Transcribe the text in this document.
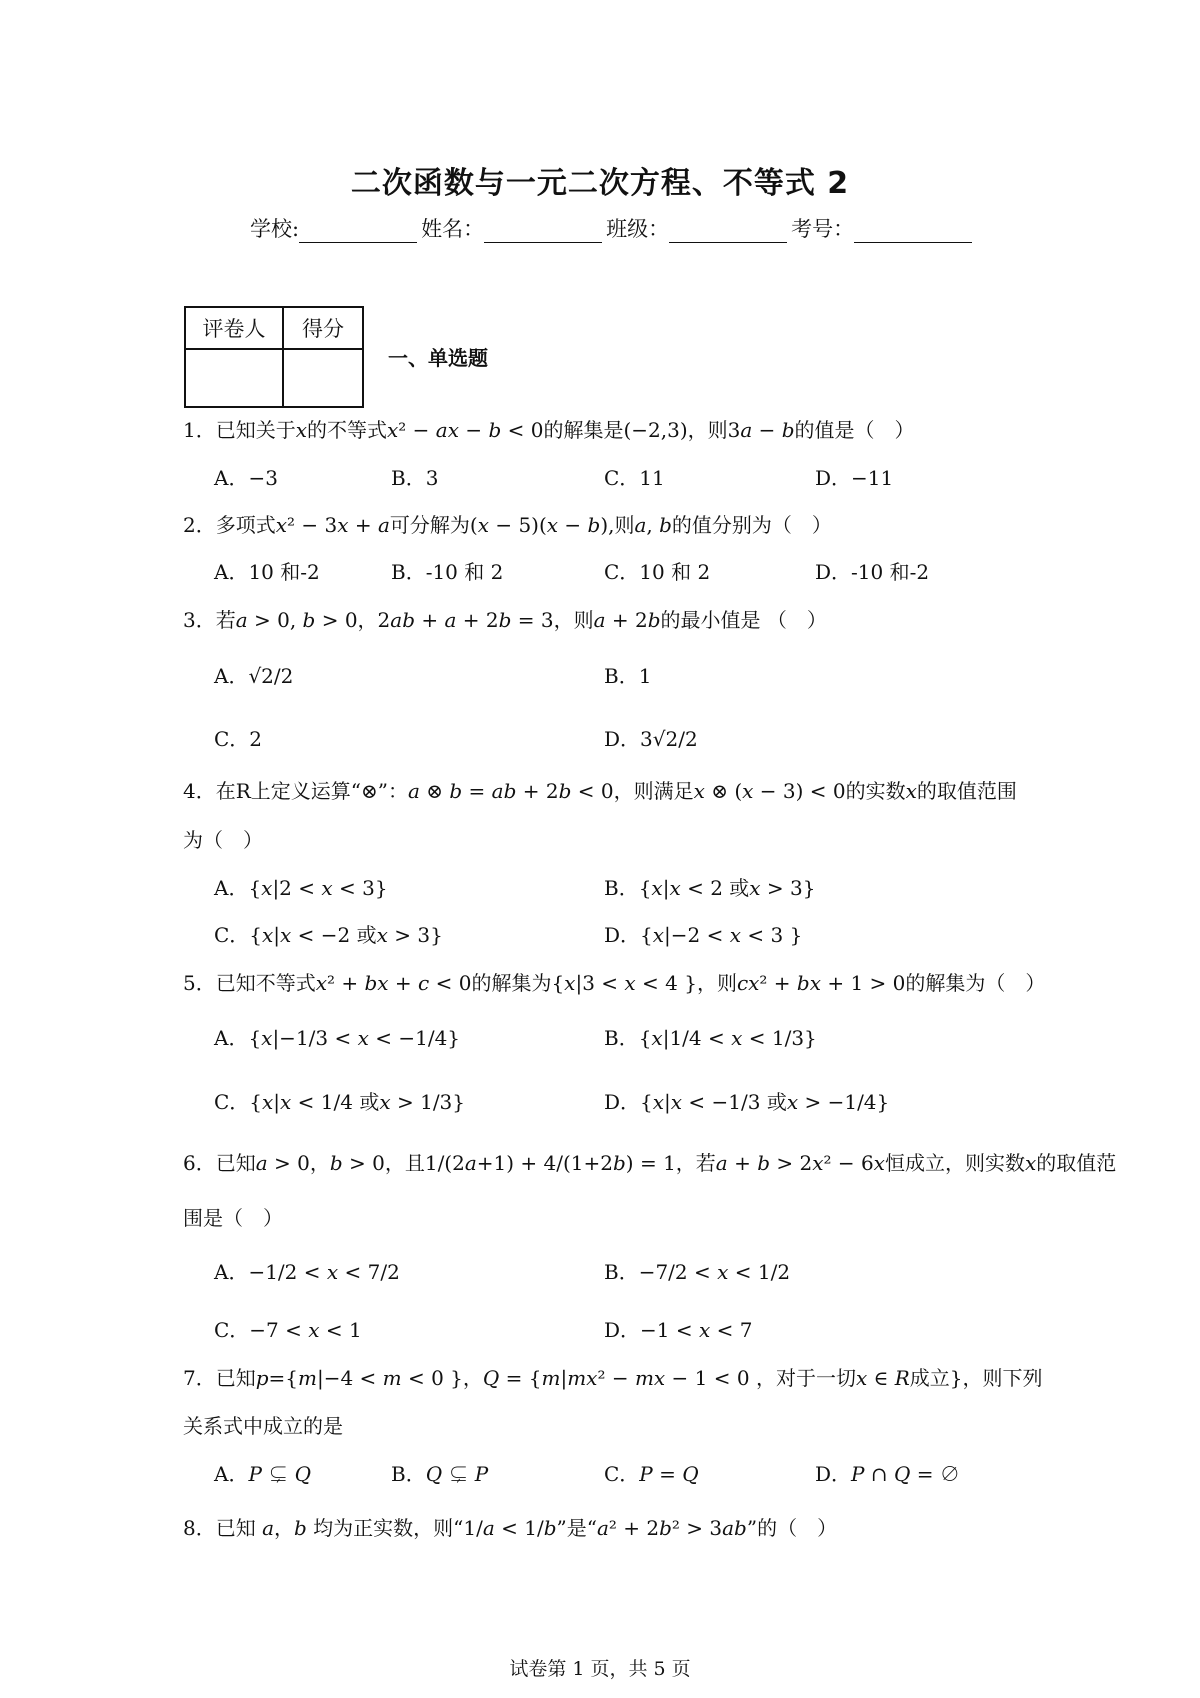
二次函数与一元二次方程、不等式 2
学校:	姓名：	班级：	考号：
评卷人	得分

一、单选题
1．已知关于𝑥的不等式𝑥² − 𝑎𝑥 − 𝑏 < 0的解集是(−2,3)，则3𝑎 − 𝑏的值是（　）
A．−3	B．3	C．11	D．−11
2．多项式𝑥² − 3𝑥 + 𝑎可分解为(𝑥 − 5)(𝑥 − 𝑏),则𝑎, 𝑏的值分别为（　）
A．10 和-2	B．-10 和 2	C．10 和 2	D．-10 和-2
3．若𝑎 > 0, 𝑏 > 0，2𝑎𝑏 + 𝑎 + 2𝑏 = 3，则𝑎 + 2𝑏的最小值是 （　）
A．√2/2	B．1
C．2	D．3√2/2
4．在R上定义运算“⊗”：𝑎 ⊗ 𝑏 = 𝑎𝑏 + 2𝑏 < 0，则满足𝑥 ⊗ (𝑥 − 3) < 0的实数𝑥的取值范围
为（　）
A．{𝑥|2 < 𝑥 < 3}	B．{𝑥|𝑥 < 2 或𝑥 > 3}
C．{𝑥|𝑥 < −2 或𝑥 > 3}	D．{𝑥|−2 < 𝑥 < 3 }
5．已知不等式𝑥² + 𝑏𝑥 + 𝑐 < 0的解集为{𝑥|3 < 𝑥 < 4 }，则𝑐𝑥² + 𝑏𝑥 + 1 > 0的解集为（　）
A．{𝑥|−1/3 < 𝑥 < −1/4}	B．{𝑥|1/4 < 𝑥 < 1/3}
C．{𝑥|𝑥 < 1/4 或𝑥 > 1/3}	D．{𝑥|𝑥 < −1/3 或𝑥 > −1/4}
6．已知𝑎 > 0，𝑏 > 0，且1/(2𝑎+1) + 4/(1+2𝑏) = 1，若𝑎 + 𝑏 > 2𝑥² − 6𝑥恒成立，则实数𝑥的取值范
围是（　）
A．−1/2 < 𝑥 < 7/2	B．−7/2 < 𝑥 < 1/2
C．−7 < 𝑥 < 1	D．−1 < 𝑥 < 7
7．已知𝑝={𝑚|−4 < 𝑚 < 0 }，𝑄 = {𝑚|𝑚𝑥² − 𝑚𝑥 − 1 < 0 ，对于一切𝑥 ∈ 𝑅成立}，则下列
关系式中成立的是
A．𝑃 ⊊ 𝑄	B．𝑄 ⊊ 𝑃	C．𝑃 = 𝑄	D．𝑃 ∩ 𝑄 = ∅
8．已知 𝑎，𝑏 均为正实数，则“1/𝑎 < 1/𝑏”是“𝑎² + 2𝑏² > 3𝑎𝑏”的（　）
试卷第 1 页，共 5 页
